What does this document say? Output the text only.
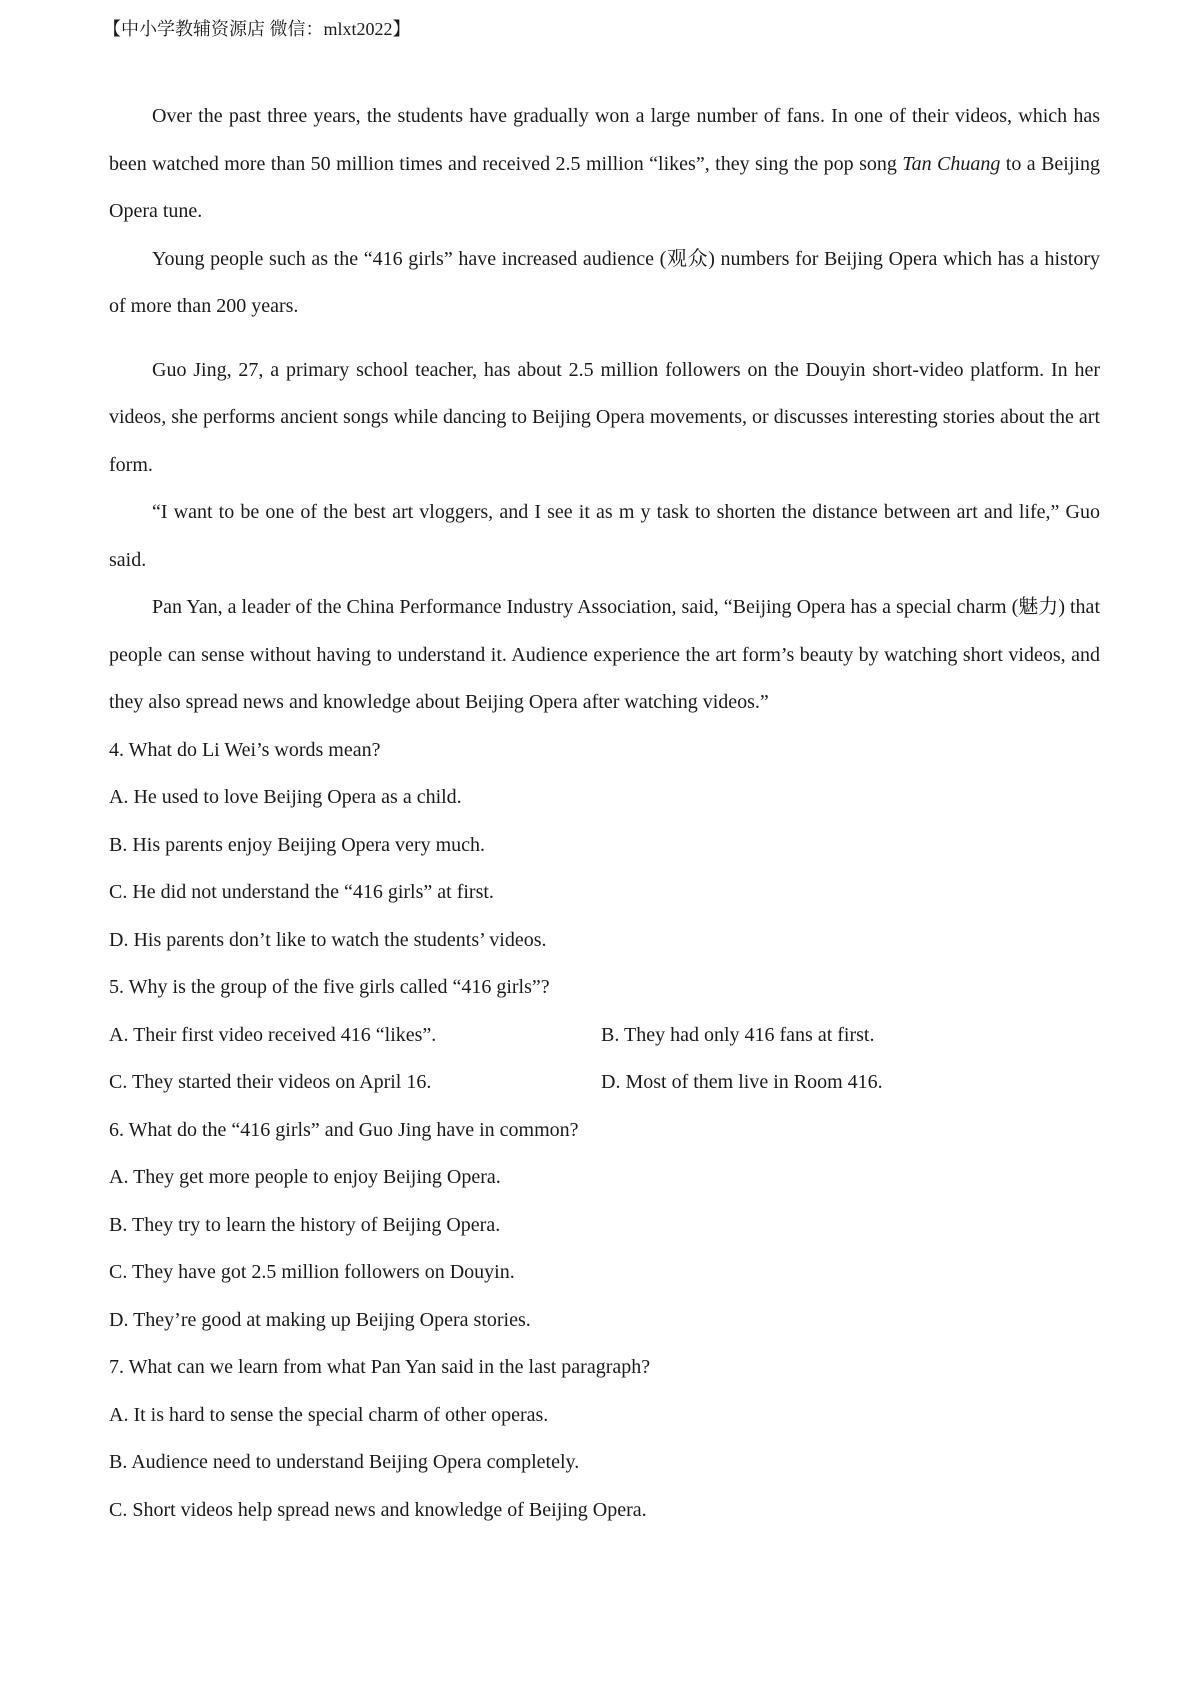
【中小学教辅资源店 微信：mlxt2022】

Over the past three years, the students have gradually won a large number of fans. In one of their videos, which has been watched more than 50 million times and received 2.5 million “likes”, they sing the pop song Tan Chuang to a Beijing Opera tune.

Young people such as the “416 girls” have increased audience (观众) numbers for Beijing Opera which has a history of more than 200 years.

Guo Jing, 27, a primary school teacher, has about 2.5 million followers on the Douyin short-video platform. In her videos, she performs ancient songs while dancing to Beijing Opera movements, or discusses interesting stories about the art form.

“I want to be one of the best art vloggers, and I see it as m y task to shorten the distance between art and life,” Guo said.

Pan Yan, a leader of the China Performance Industry Association, said, “Beijing Opera has a special charm (魅力) that people can sense without having to understand it. Audience experience the art form’s beauty by watching short videos, and they also spread news and knowledge about Beijing Opera after watching videos.”

4. What do Li Wei’s words mean?

A. He used to love Beijing Opera as a child.

B. His parents enjoy Beijing Opera very much.

C. He did not understand the “416 girls” at first.

D. His parents don’t like to watch the students’ videos.

5. Why is the group of the five girls called “416 girls”?

A. Their first video received 416 “likes”.	B. They had only 416 fans at first.
C. They started their videos on April 16.	D. Most of them live in Room 416.

6. What do the “416 girls” and Guo Jing have in common?

A. They get more people to enjoy Beijing Opera.

B. They try to learn the history of Beijing Opera.

C. They have got 2.5 million followers on Douyin.

D. They’re good at making up Beijing Opera stories.

7. What can we learn from what Pan Yan said in the last paragraph?

A. It is hard to sense the special charm of other operas.

B. Audience need to understand Beijing Opera completely.

C. Short videos help spread news and knowledge of Beijing Opera.
